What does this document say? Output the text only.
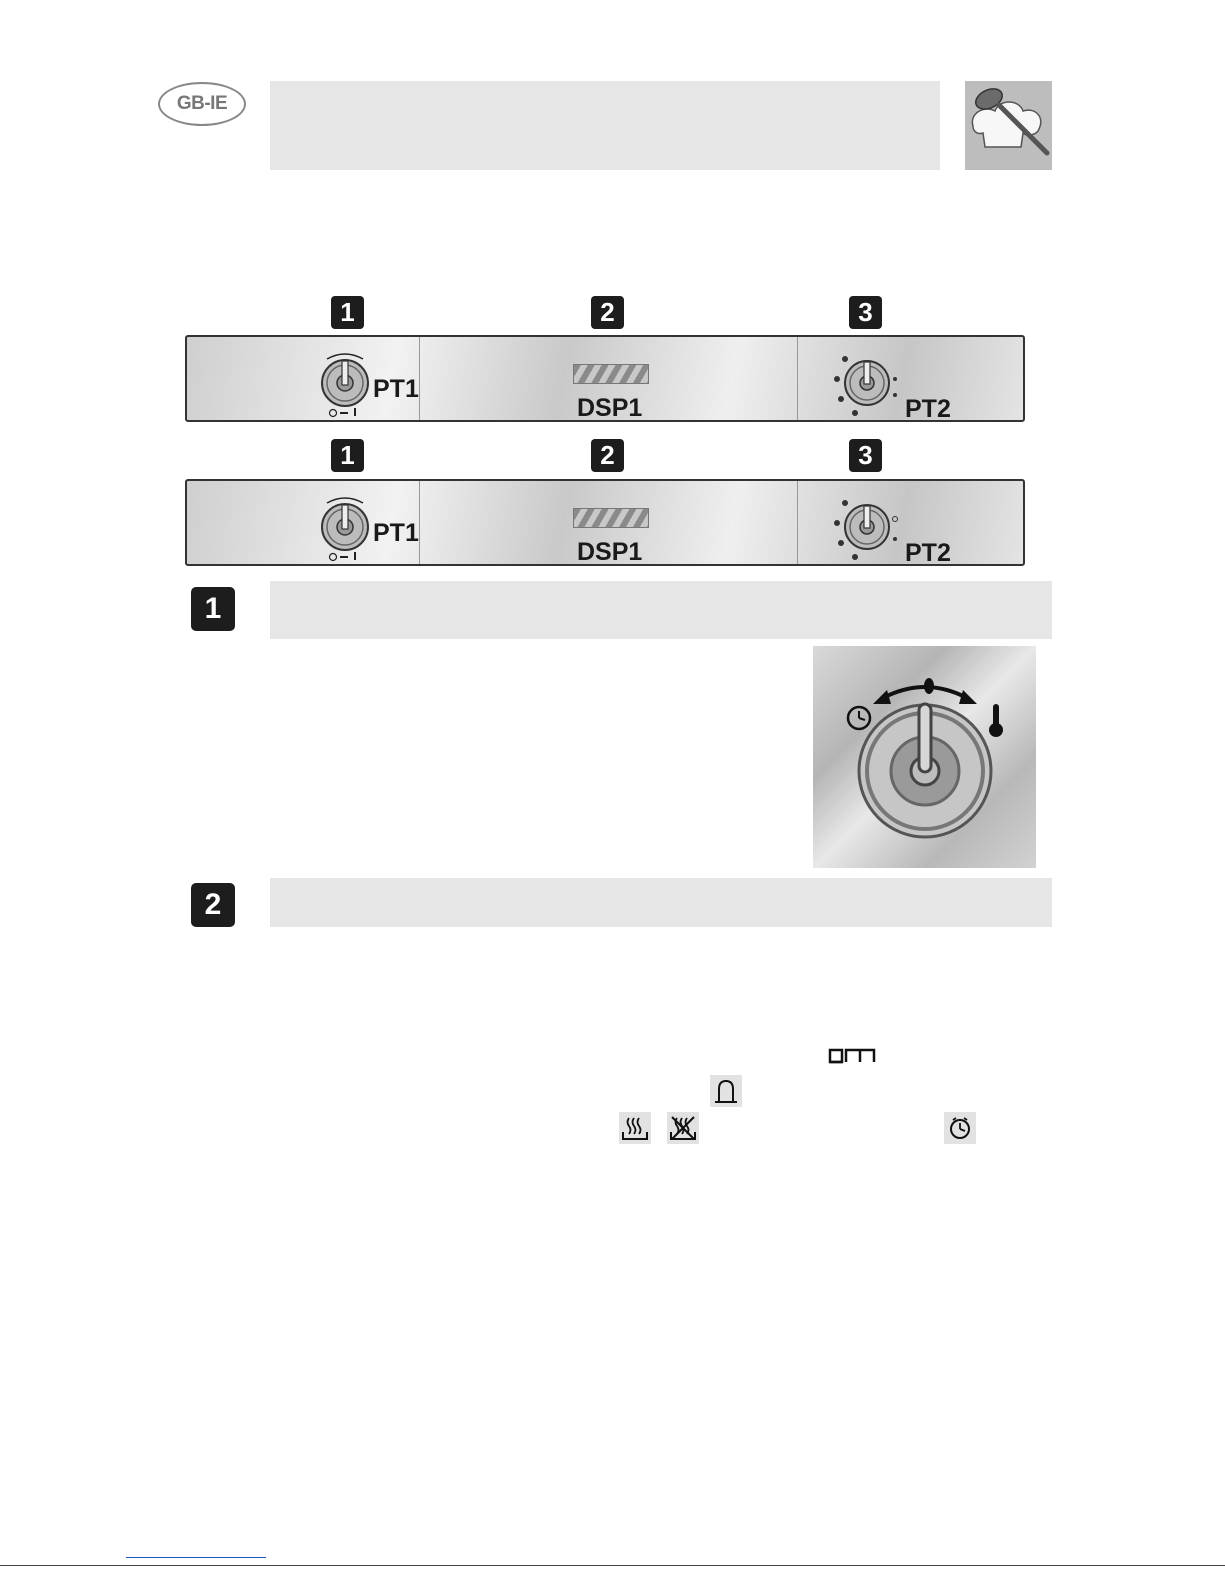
GB-IE
1	2	3
PT1
DSP1	PT2
1	2	3
PT1
DSP1	PT2
1
2
